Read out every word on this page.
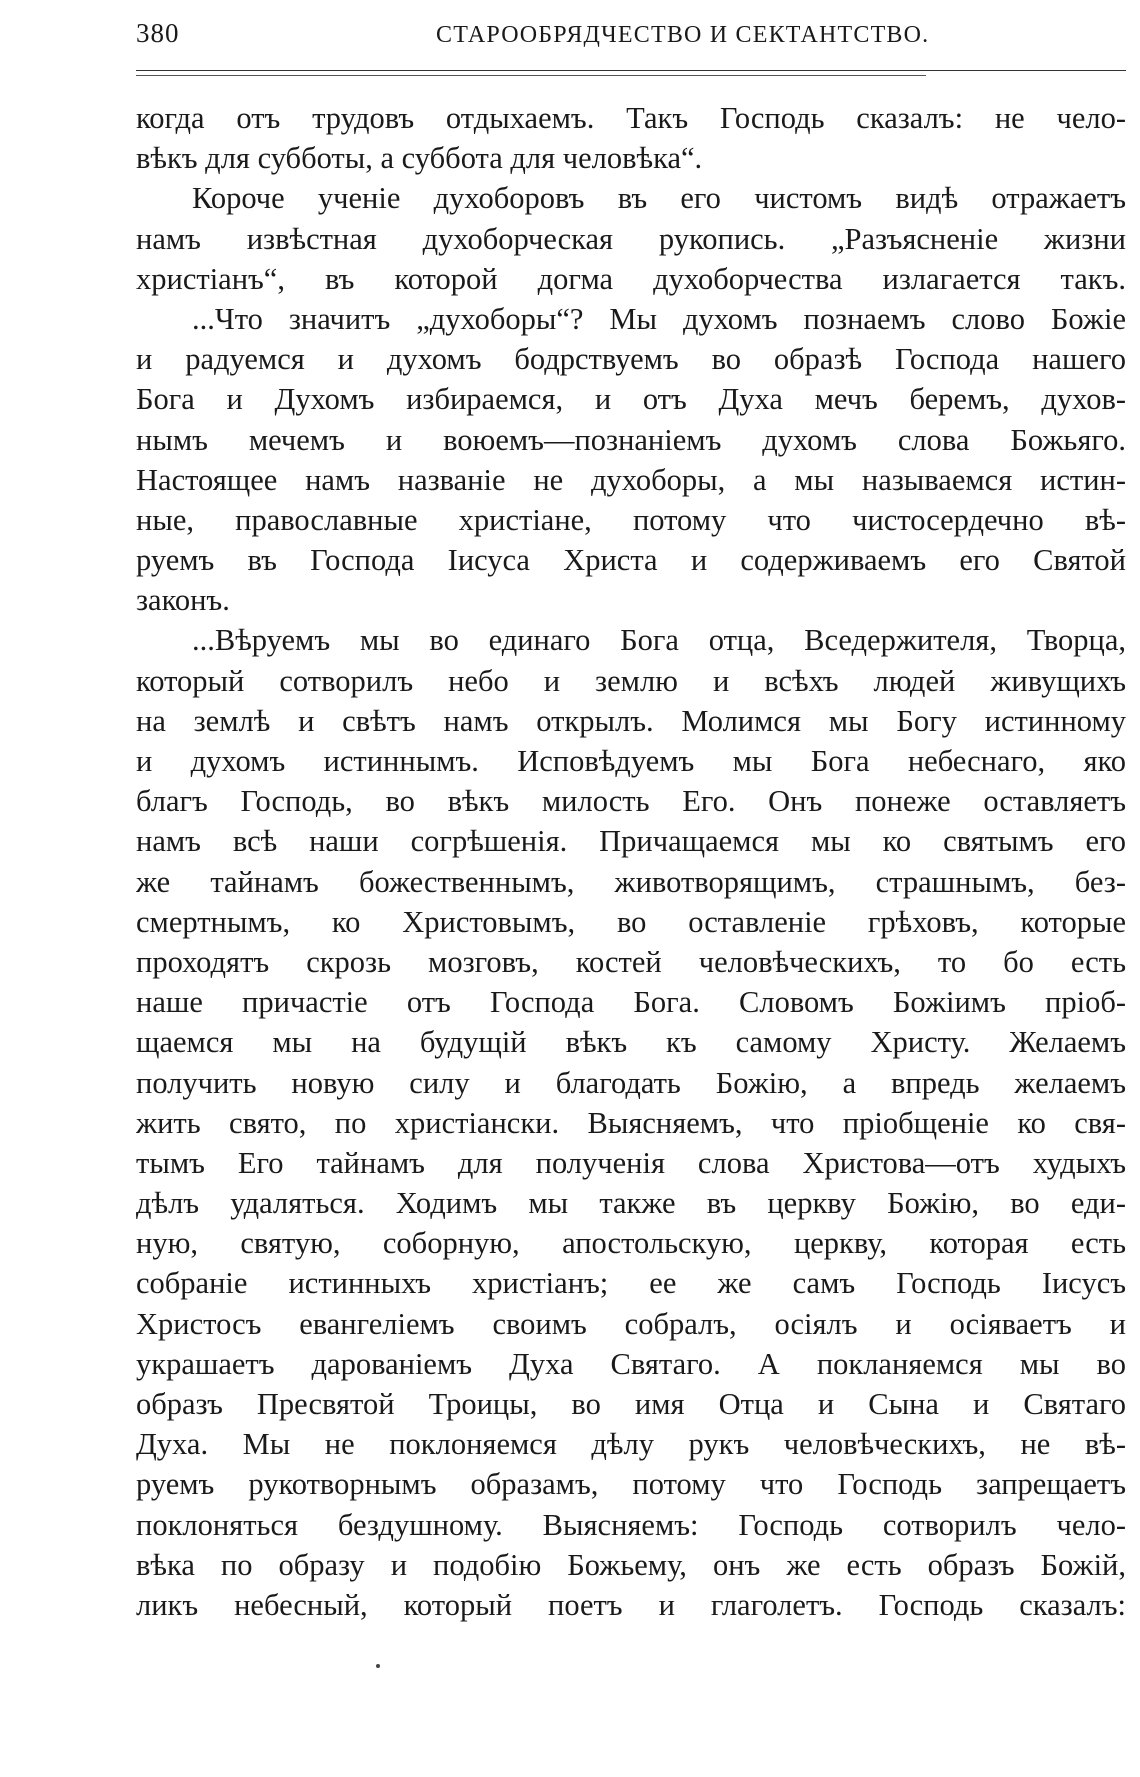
380	СТАРООБРЯДЧЕСТВО И СЕКТАНТСТВО.
когда отъ трудовъ отдыхаемъ. Такъ Господь сказалъ: не чело-
вѣкъ для субботы, а суббота для человѣка“.
Короче ученіе духоборовъ въ его чистомъ видѣ отражаетъ
намъ извѣстная духоборческая рукопись. „Разъясненіе жизни
христіанъ“, въ которой догма духоборчества излагается такъ.
...Что значитъ „духоборы“? Мы духомъ познаемъ слово Божіе
и радуемся и духомъ бодрствуемъ во образѣ Господа нашего
Бога и Духомъ избираемся, и отъ Духа мечъ беремъ, духов-
нымъ мечемъ и воюемъ—познаніемъ духомъ слова Божьяго.
Настоящее намъ названіе не духоборы, а мы называемся истин-
ные, православные христіане, потому что чистосердечно вѣ-
руемъ въ Господа Іисуса Христа и содерживаемъ его Святой
законъ.
...Вѣруемъ мы во единаго Бога отца, Вседержителя, Творца,
который сотворилъ небо и землю и всѣхъ людей живущихъ
на землѣ и свѣтъ намъ открылъ. Молимся мы Богу истинному
и духомъ истиннымъ. Исповѣдуемъ мы Бога небеснаго, яко
благъ Господь, во вѣкъ милость Его. Онъ понеже оставляетъ
намъ всѣ наши согрѣшенія. Причащаемся мы ко святымъ его
же тайнамъ божественнымъ, животворящимъ, страшнымъ, без-
смертнымъ, ко Христовымъ, во оставленіе грѣховъ, которые
проходятъ скрозь мозговъ, костей человѣческихъ, то бо есть
наше причастіе отъ Господа Бога. Словомъ Божіимъ пріоб-
щаемся мы на будущій вѣкъ къ самому Христу. Желаемъ
получить новую силу и благодать Божію, а впредь желаемъ
жить свято, по христіански. Выясняемъ, что пріобщеніе ко свя-
тымъ Его тайнамъ для полученія слова Христова—отъ худыхъ
дѣлъ удаляться. Ходимъ мы также въ церкву Божію, во еди-
ную, святую, соборную, апостольскую, церкву, которая есть
собраніе истинныхъ христіанъ; ее же самъ Господь Іисусъ
Христосъ евангеліемъ своимъ собралъ, осіялъ и осіяваетъ и
украшаетъ дарованіемъ Духа Святаго. А покланяемся мы во
образъ Пресвятой Троицы, во имя Отца и Сына и Святаго
Духа. Мы не поклоняемся дѣлу рукъ человѣческихъ, не вѣ-
руемъ рукотворнымъ образамъ, потому что Господь запрещаетъ
поклоняться бездушному. Выясняемъ: Господь сотворилъ чело-
вѣка по образу и подобію Божьему, онъ же есть образъ Божій,
ликъ небесный, который поетъ и глаголетъ. Господь сказалъ:
